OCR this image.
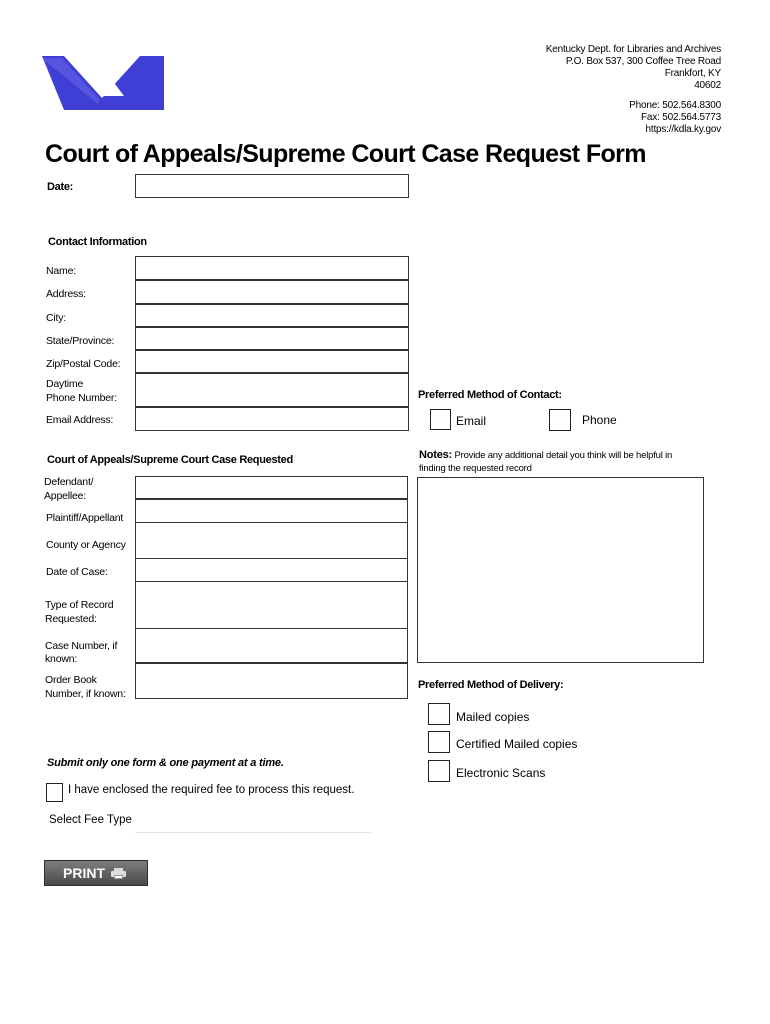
Kentucky Dept. for Libraries and Archives
P.O. Box 537, 300 Coffee Tree Road
Frankfort, KY
40602
Phone: 502.564.8300
Fax: 502.564.5773
https://kdla.ky.gov
Court of Appeals/Supreme Court Case Request Form
Date:
Contact Information
Name:
Address:
City:
State/Province:
Zip/Postal Code:
Daytime
Phone Number:
Email Address:
Preferred Method of Contact:
Email	Phone
Court of Appeals/Supreme Court Case Requested
Defendant/
Appellee:
Plaintiff/Appellant
County or Agency
Date of Case:
Type of Record
Requested:
Case Number, if
known:
Order Book
Number, if known:
Notes: Provide any additional detail you think will be helpful in
finding the requested record
Preferred Method of Delivery:
Mailed copies
Certified Mailed copies
Electronic Scans
Submit only one form & one payment at a time.
I have enclosed the required fee to process this request.
Select Fee Type
PRINT
